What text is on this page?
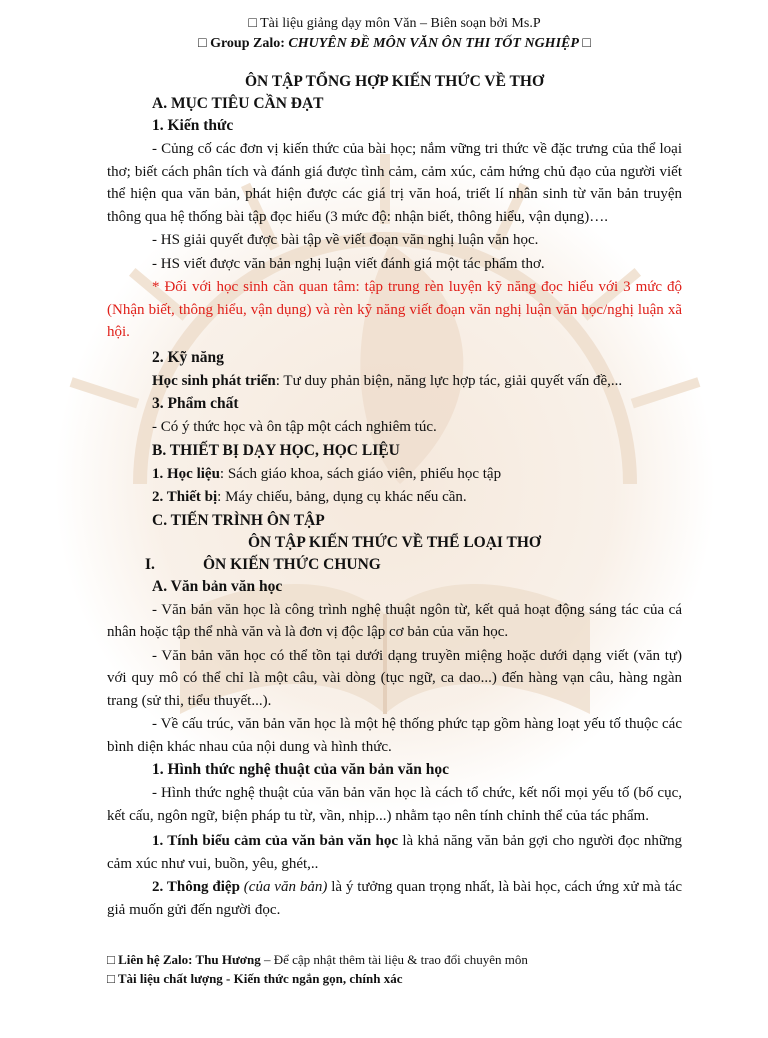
□ Tài liệu giảng dạy môn Văn – Biên soạn bởi Ms.P
□ Group Zalo: CHUYÊN ĐỀ MÔN VĂN ÔN THI TỐT NGHIỆP □
ÔN TẬP TỔNG HỢP KIẾN THỨC VỀ THƠ
A. MỤC TIÊU CẦN ĐẠT
1. Kiến thức
- Củng cố các đơn vị kiến thức của bài học; nắm vững tri thức về đặc trưng của thể loại thơ; biết cách phân tích và đánh giá được tình cảm, cảm xúc, cảm hứng chủ đạo của người viết thể hiện qua văn bản, phát hiện được các giá trị văn hoá, triết lí nhân sinh từ văn bản truyện thông qua hệ thống bài tập đọc hiểu (3 mức độ: nhận biết, thông hiểu, vận dụng)….
- HS giải quyết được bài tập về viết đoạn văn nghị luận văn học.
- HS viết được văn bản nghị luận viết đánh giá một tác phẩm thơ.
* Đối với học sinh cần quan tâm: tập trung rèn luyện kỹ năng đọc hiểu với 3 mức độ (Nhận biết, thông hiểu, vận dụng) và rèn kỹ năng viết đoạn văn nghị luận văn học/nghị luận xã hội.
2. Kỹ năng
Học sinh phát triển: Tư duy phản biện, năng lực hợp tác, giải quyết vấn đề,...
3. Phẩm chất
- Có ý thức học và ôn tập một cách nghiêm túc.
B. THIẾT BỊ DẠY HỌC, HỌC LIỆU
1. Học liệu: Sách giáo khoa, sách giáo viên, phiếu học tập
2. Thiết bị: Máy chiếu, bảng, dụng cụ khác nếu cần.
C. TIẾN TRÌNH ÔN TẬP
ÔN TẬP KIẾN THỨC VỀ THỂ LOẠI THƠ
I.	ÔN KIẾN THỨC CHUNG
A. Văn bản văn học
- Văn bản văn học là công trình nghệ thuật ngôn từ, kết quả hoạt động sáng tác của cá nhân hoặc tập thể nhà văn và là đơn vị độc lập cơ bản của văn học.
- Văn bản văn học có thể tồn tại dưới dạng truyền miệng hoặc dưới dạng viết (văn tự) với quy mô có thể chỉ là một câu, vài dòng (tục ngữ, ca dao...) đến hàng vạn câu, hàng ngàn trang (sử thi, tiểu thuyết...).
- Về cấu trúc, văn bản văn học là một hệ thống phức tạp gồm hàng loạt yếu tố thuộc các bình diện khác nhau của nội dung và hình thức.
1. Hình thức nghệ thuật của văn bản văn học
- Hình thức nghệ thuật của văn bản văn học là cách tổ chức, kết nối mọi yếu tố (bố cục, kết cấu, ngôn ngữ, biện pháp tu từ, vần, nhịp...) nhằm tạo nên tính chỉnh thể của tác phẩm.
1. Tính biểu cảm của văn bản văn học là khả năng văn bản gợi cho người đọc những cảm xúc như vui, buồn, yêu, ghét,..
2. Thông điệp (của văn bản) là ý tưởng quan trọng nhất, là bài học, cách ứng xử mà tác giả muốn gửi đến người đọc.
□ Liên hệ Zalo: Thu Hương – Để cập nhật thêm tài liệu & trao đổi chuyên môn
□ Tài liệu chất lượng - Kiến thức ngắn gọn, chính xác
